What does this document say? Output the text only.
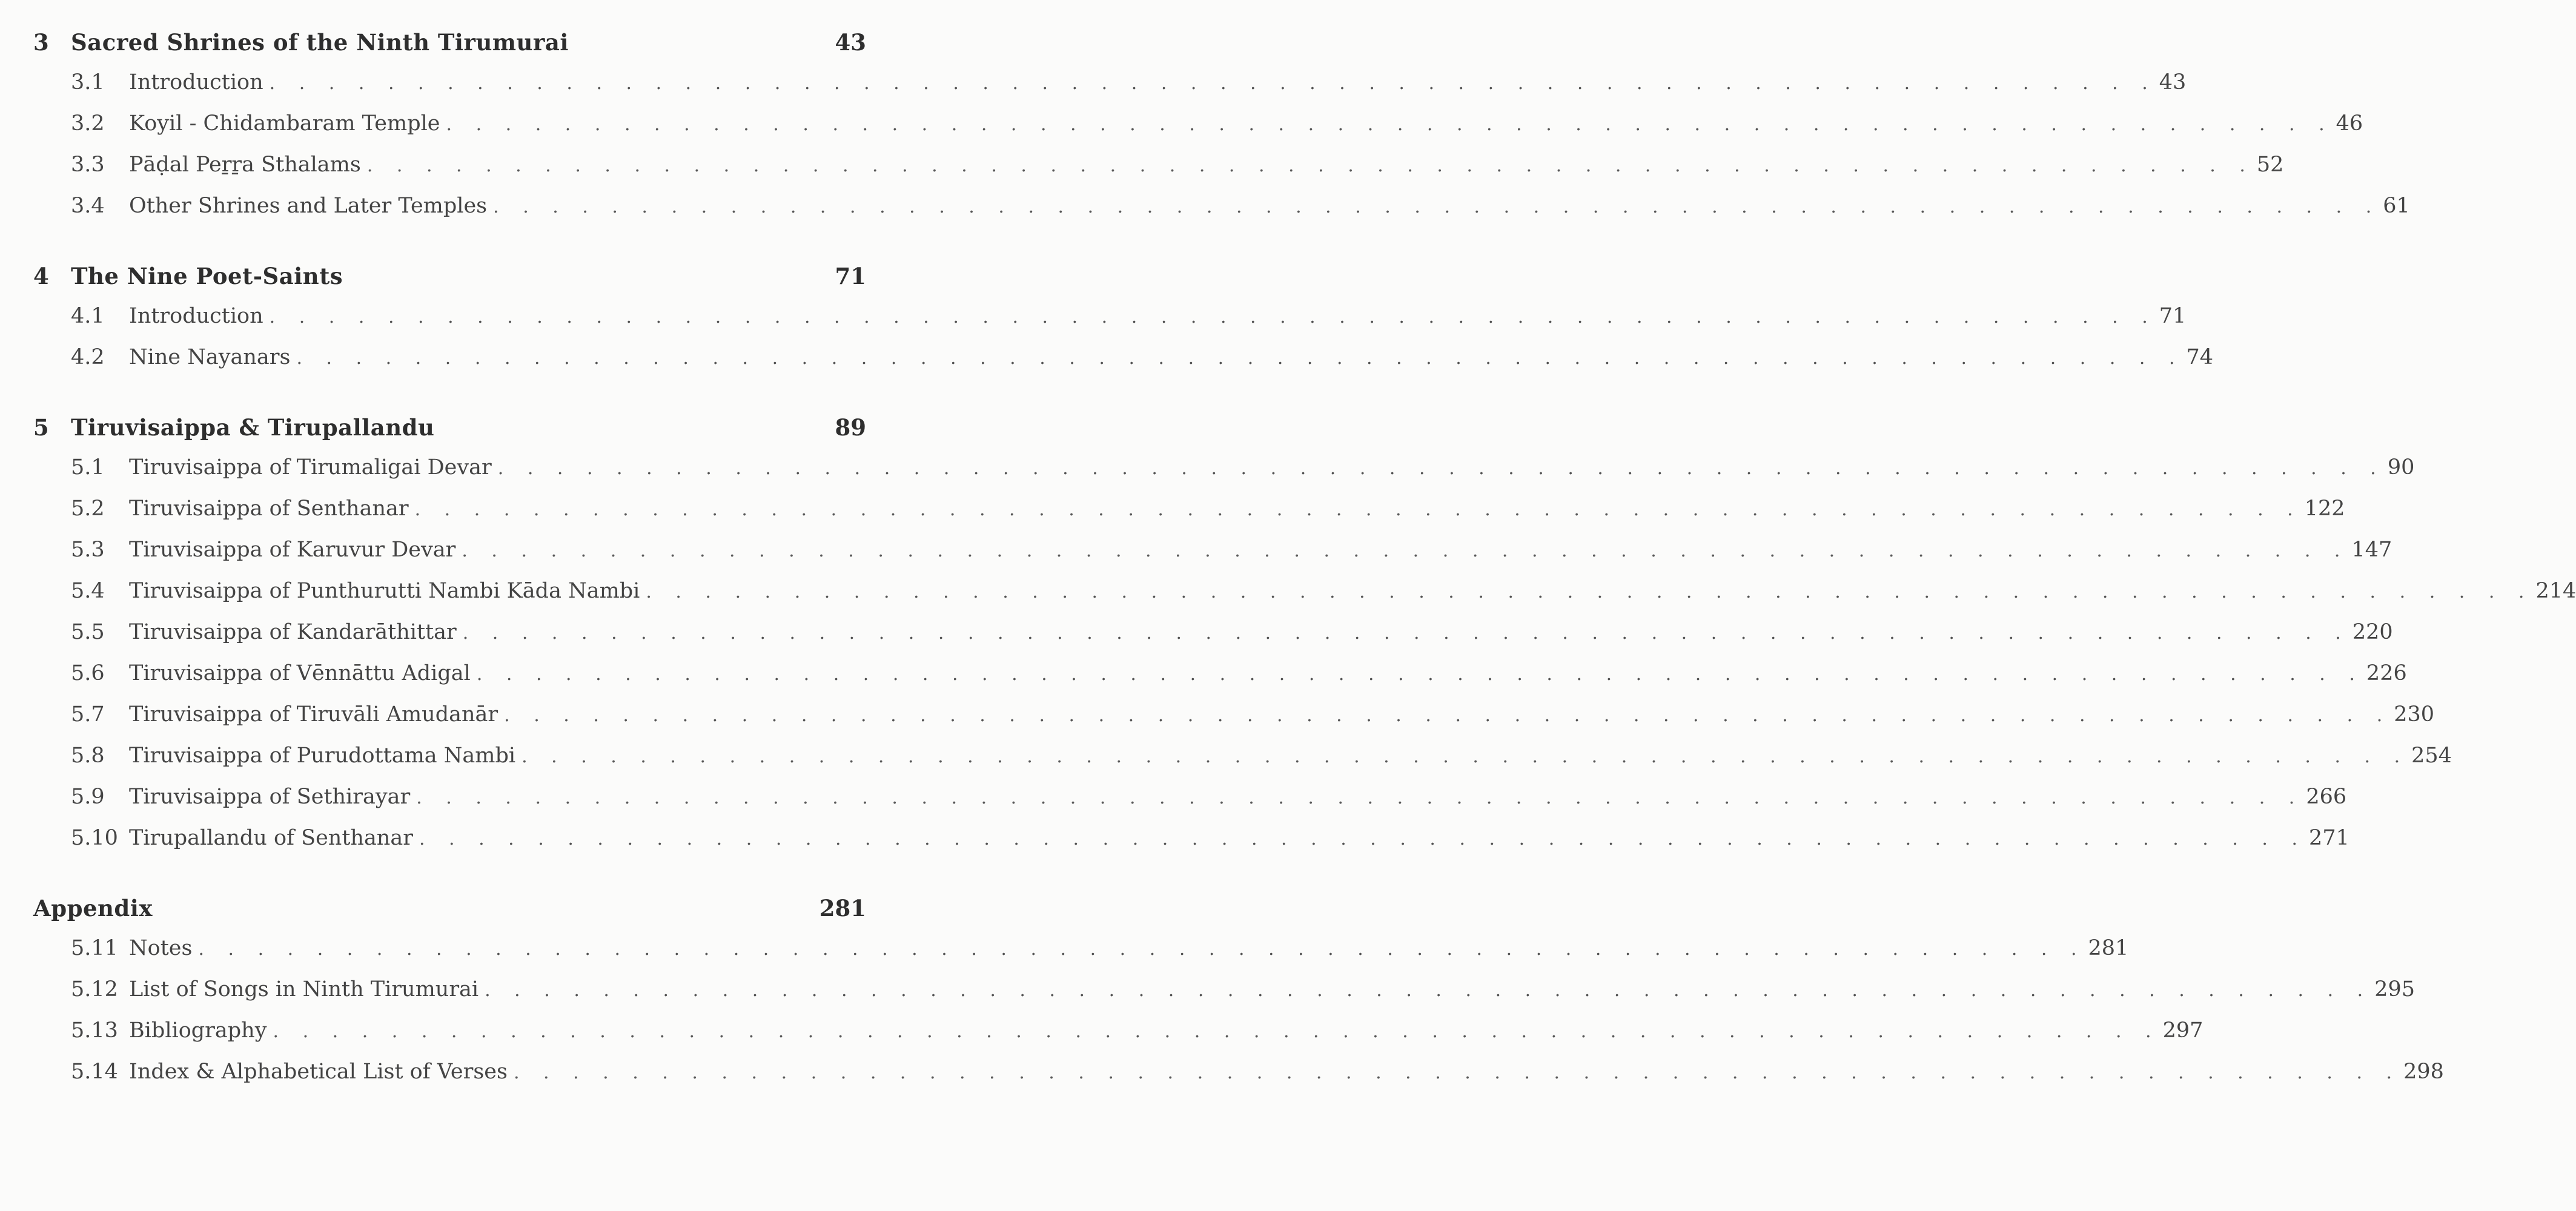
3 Sacred Shrines of the Ninth Tirumurai	43
3.1	Introduction . . . . . . . . . . . . . . . . . . . . . . . . . . . . . . . . . . . . . . . . . . . . . . . . . . . . . . . . . . . . . . . . 43
3.2	Koyil - Chidambaram Temple . . . . . . . . . . . . . . . . . . . . . . . . . . . . . . . . . . . . . . . . . . . . . . . . . . . . . . . . . . . . . . . . 46
3.3	Pāḍal Peṟṟa Sthalams . . . . . . . . . . . . . . . . . . . . . . . . . . . . . . . . . . . . . . . . . . . . . . . . . . . . . . . . . . . . . . . . 52
3.4	Other Shrines and Later Temples . . . . . . . . . . . . . . . . . . . . . . . . . . . . . . . . . . . . . . . . . . . . . . . . . . . . . . . . . . . . . . . . 61
4 The Nine Poet-Saints	71
4.1	Introduction . . . . . . . . . . . . . . . . . . . . . . . . . . . . . . . . . . . . . . . . . . . . . . . . . . . . . . . . . . . . . . . . 71
4.2	Nine Nayanars . . . . . . . . . . . . . . . . . . . . . . . . . . . . . . . . . . . . . . . . . . . . . . . . . . . . . . . . . . . . . . . . 74
5 Tiruvisaippa & Tirupallandu	89
5.1	Tiruvisaippa of Tirumaligai Devar . . . . . . . . . . . . . . . . . . . . . . . . . . . . . . . . . . . . . . . . . . . . . . . . . . . . . . . . . . . . . . . . 90
5.2	Tiruvisaippa of Senthanar . . . . . . . . . . . . . . . . . . . . . . . . . . . . . . . . . . . . . . . . . . . . . . . . . . . . . . . . . . . . . . . . 122
5.3	Tiruvisaippa of Karuvur Devar . . . . . . . . . . . . . . . . . . . . . . . . . . . . . . . . . . . . . . . . . . . . . . . . . . . . . . . . . . . . . . . . 147
5.4	Tiruvisaippa of Punthurutti Nambi Kāda Nambi . . . . . . . . . . . . . . . . . . . . . . . . . . . . . . . . . . . . . . . . . . . . . . . . . . . . . . . . . . . . . . . . 214
5.5	Tiruvisaippa of Kandarāthittar . . . . . . . . . . . . . . . . . . . . . . . . . . . . . . . . . . . . . . . . . . . . . . . . . . . . . . . . . . . . . . . . 220
5.6	Tiruvisaippa of Vēnnāttu Adigal . . . . . . . . . . . . . . . . . . . . . . . . . . . . . . . . . . . . . . . . . . . . . . . . . . . . . . . . . . . . . . . . 226
5.7	Tiruvisaippa of Tiruvāli Amudanār . . . . . . . . . . . . . . . . . . . . . . . . . . . . . . . . . . . . . . . . . . . . . . . . . . . . . . . . . . . . . . . . 230
5.8	Tiruvisaippa of Purudottama Nambi . . . . . . . . . . . . . . . . . . . . . . . . . . . . . . . . . . . . . . . . . . . . . . . . . . . . . . . . . . . . . . . . 254
5.9	Tiruvisaippa of Sethirayar . . . . . . . . . . . . . . . . . . . . . . . . . . . . . . . . . . . . . . . . . . . . . . . . . . . . . . . . . . . . . . . . 266
5.10 Tirupallandu of Senthanar . . . . . . . . . . . . . . . . . . . . . . . . . . . . . . . . . . . . . . . . . . . . . . . . . . . . . . . . . . . . . . . . 271
Appendix	281
5.11 Notes . . . . . . . . . . . . . . . . . . . . . . . . . . . . . . . . . . . . . . . . . . . . . . . . . . . . . . . . . . . . . . . . 281
5.12 List of Songs in Ninth Tirumurai . . . . . . . . . . . . . . . . . . . . . . . . . . . . . . . . . . . . . . . . . . . . . . . . . . . . . . . . . . . . . . . . 295
5.13 Bibliography . . . . . . . . . . . . . . . . . . . . . . . . . . . . . . . . . . . . . . . . . . . . . . . . . . . . . . . . . . . . . . . . 297
5.14 Index & Alphabetical List of Verses . . . . . . . . . . . . . . . . . . . . . . . . . . . . . . . . . . . . . . . . . . . . . . . . . . . . . . . . . . . . . . . . 298
